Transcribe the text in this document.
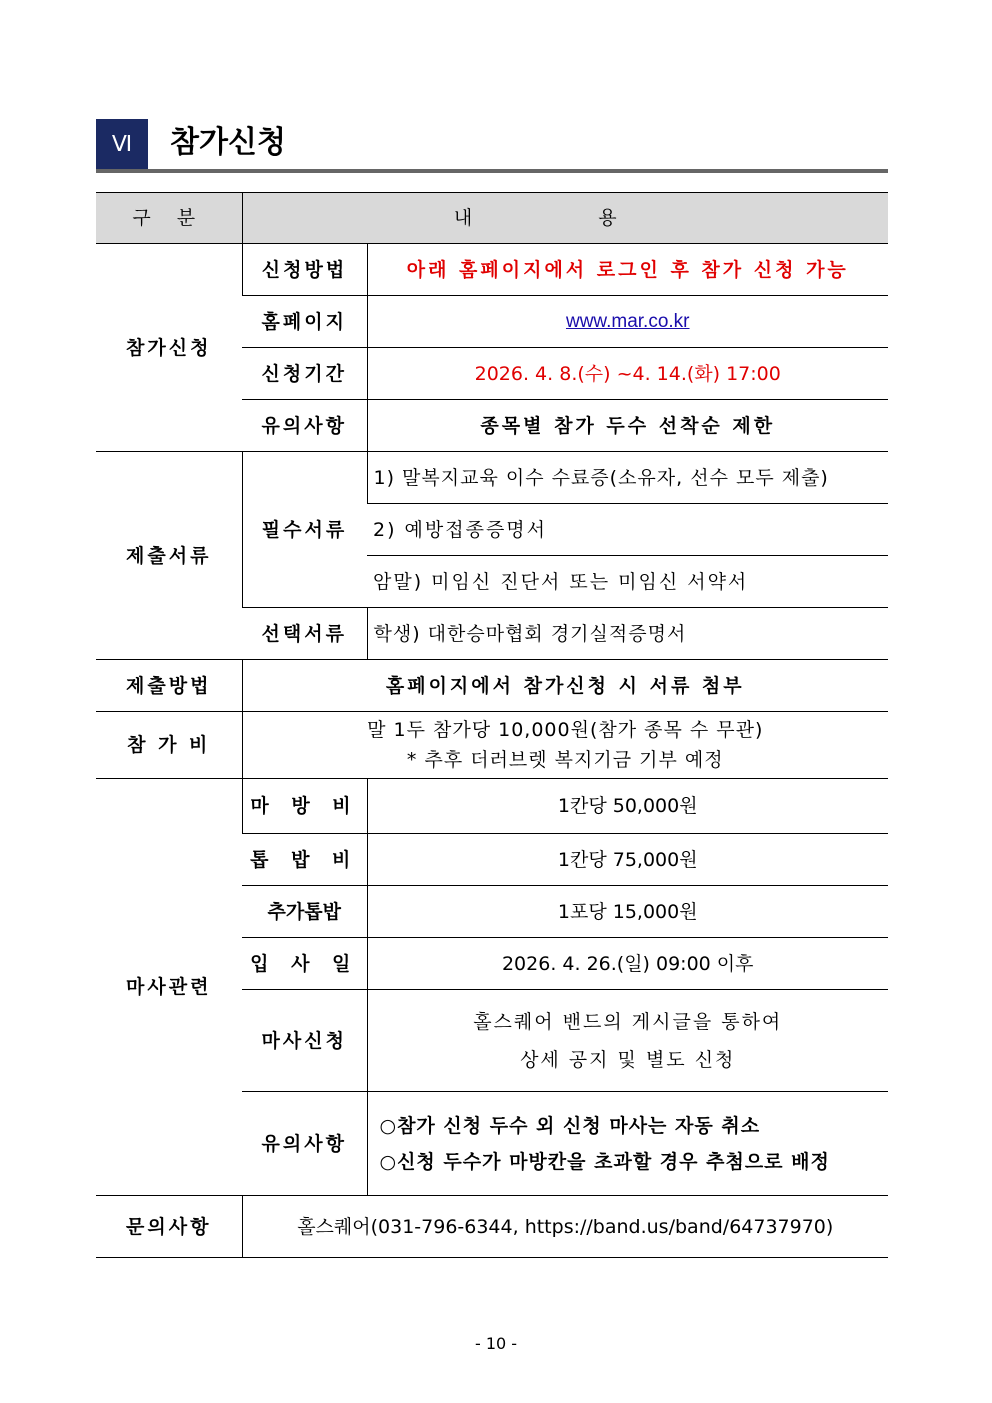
Ⅵ	참가신청
구 분	내 용	
참가신청	신청방법	아래 홈페이지에서 로그인 후 참가 신청 가능
	홈페이지	www.mar.co.kr
	신청기간	2026. 4. 8.(수) ~4. 14.(화) 17:00
	유의사항	종목별 참가 두수 선착순 제한
제출서류	필수서류	1) 말복지교육 이수 수료증(소유자, 선수 모두 제출)
		2) 예방접종증명서
		암말) 미임신 진단서 또는 미임신 서약서
	선택서류	학생) 대한승마협회 경기실적증명서
제출방법	홈페이지에서 참가신청 시 서류 첨부	
참 가 비	말 1두 참가당 10,000원(참가 종목 수 무관)
* 추후 더러브렛 복지기금 기부 예정	

마사관련	마 방 비	1칸당 50,000원
	톱 밥 비	1칸당 75,000원
	추가톱밥	1포당 15,000원
	입 사 일	2026. 4. 26.(일) 09:00 이후
	마사신청	홀스퀘어 밴드의 게시글을 통하여
상세 공지 및 별도 신청

	유의사항	○참가 신청 두수 외 신청 마사는 자동 취소
○신청 두수가 마방칸을 초과할 경우 추첨으로 배정

문의사항	홀스퀘어(031-796-6344, https://band.us/band/64737970)	
- 10 -
